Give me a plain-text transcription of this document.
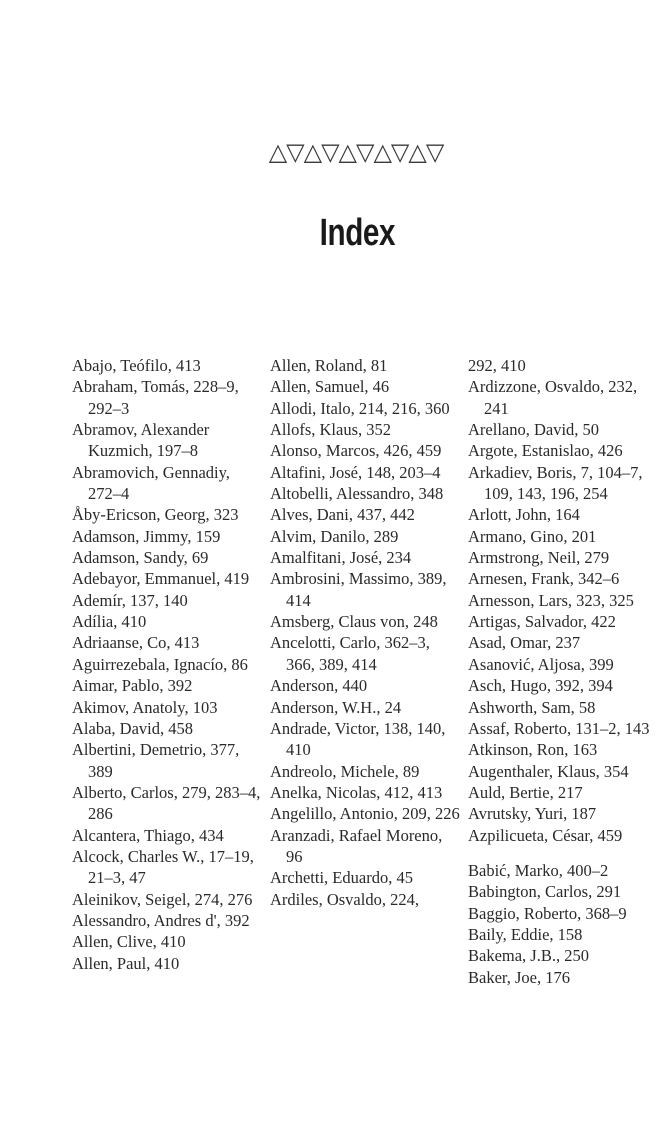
△▽△▽△▽△▽△▽
Index
Abajo, Teófilo, 413
Abraham, Tomás, 228–9, 292–3
Abramov, Alexander Kuzmich, 197–8
Abramovich, Gennadiy, 272–4
Åby-Ericson, Georg, 323
Adamson, Jimmy, 159
Adamson, Sandy, 69
Adebayor, Emmanuel, 419
Ademír, 137, 140
Adília, 410
Adriaanse, Co, 413
Aguirrezebala, Ignacío, 86
Aimar, Pablo, 392
Akimov, Anatoly, 103
Alaba, David, 458
Albertini, Demetrio, 377, 389
Alberto, Carlos, 279, 283–4, 286
Alcantera, Thiago, 434
Alcock, Charles W., 17–19, 21–3, 47
Aleinikov, Seigel, 274, 276
Alessandro, Andres d', 392
Allen, Clive, 410
Allen, Paul, 410
Allen, Roland, 81
Allen, Samuel, 46
Allodi, Italo, 214, 216, 360
Allofs, Klaus, 352
Alonso, Marcos, 426, 459
Altafini, José, 148, 203–4
Altobelli, Alessandro, 348
Alves, Dani, 437, 442
Alvim, Danilo, 289
Amalfitani, José, 234
Ambrosini, Massimo, 389, 414
Amsberg, Claus von, 248
Ancelotti, Carlo, 362–3, 366, 389, 414
Anderson, 440
Anderson, W.H., 24
Andrade, Victor, 138, 140, 410
Andreolo, Michele, 89
Anelka, Nicolas, 412, 413
Angelillo, Antonio, 209, 226
Aranzadi, Rafael Moreno, 96
Archetti, Eduardo, 45
Ardiles, Osvaldo, 224,
292, 410
Ardizzone, Osvaldo, 232, 241
Arellano, David, 50
Argote, Estanislao, 426
Arkadiev, Boris, 7, 104–7, 109, 143, 196, 254
Arlott, John, 164
Armano, Gino, 201
Armstrong, Neil, 279
Arnesen, Frank, 342–6
Arnesson, Lars, 323, 325
Artigas, Salvador, 422
Asad, Omar, 237
Asanović, Aljosa, 399
Asch, Hugo, 392, 394
Ashworth, Sam, 58
Assaf, Roberto, 131–2, 143
Atkinson, Ron, 163
Augenthaler, Klaus, 354
Auld, Bertie, 217
Avrutsky, Yuri, 187
Azpilicueta, César, 459
Babić, Marko, 400–2
Babington, Carlos, 291
Baggio, Roberto, 368–9
Baily, Eddie, 158
Bakema, J.B., 250
Baker, Joe, 176
